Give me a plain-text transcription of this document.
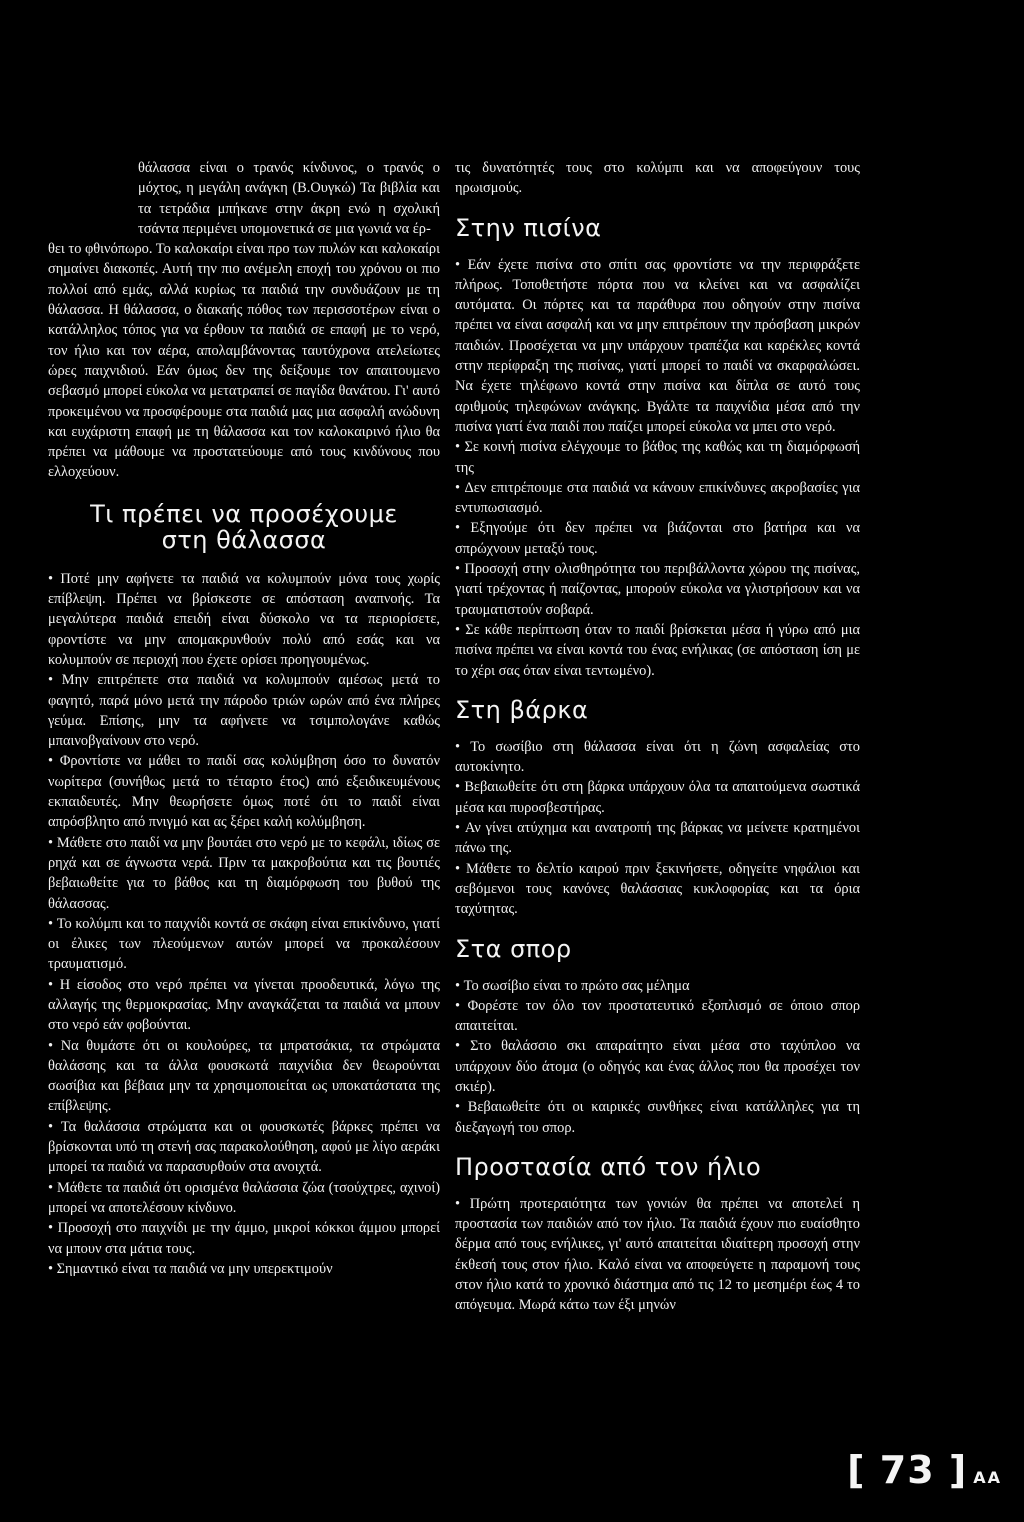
θάλασσα είναι ο τρανός κίνδυνος, ο τρανός ο μόχτος, η μεγάλη ανάγκη (Β.Ουγκώ) Τα βιβλία και τα τετράδια μπήκανε στην άκρη ενώ η σχολική τσάντα περιμένει υπομονετικά σε μια γωνιά να έρ-

θει το φθινόπωρο. Το καλοκαίρι είναι προ των πυλών και καλοκαίρι σημαίνει διακοπές. Αυτή την πιο ανέμελη εποχή του χρόνου οι πιο πολλοί από εμάς, αλλά κυρίως τα παιδιά την συνδυάζουν με τη θάλασσα. Η θάλασσα, ο διακαής πόθος των περισσοτέρων είναι ο κατάλληλος τόπος για να έρθουν τα παιδιά σε επαφή με το νερό, τον ήλιο και τον αέρα, απολαμβάνοντας ταυτόχρονα ατελείωτες ώρες παιχνιδιού. Εάν όμως δεν της δείξουμε τον απαιτουμενο σεβασμό μπορεί εύκολα να μετατραπεί σε παγίδα θανάτου. Γι' αυτό προκειμένου να προσφέρουμε στα παιδιά μας μια ασφαλή ανώδυνη και ευχάριστη επαφή με τη θάλασσα και τον καλοκαιρινό ήλιο θα πρέπει να μάθουμε να προστατεύουμε από τους κινδύνους που ελλοχεύουν.

Τι πρέπει να προσέχουμε
στη θάλασσα

• Ποτέ μην αφήνετε τα παιδιά να κολυμπούν μόνα τους χωρίς επίβλεψη. Πρέπει να βρίσκεστε σε απόσταση αναπνοής. Τα μεγαλύτερα παιδιά επειδή είναι δύσκολο να τα περιορίσετε, φροντίστε να μην απομακρυνθούν πολύ από εσάς και να κολυμπούν σε περιοχή που έχετε ορίσει προηγουμένως.

• Μην επιτρέπετε στα παιδιά να κολυμπούν αμέσως μετά το φαγητό, παρά μόνο μετά την πάροδο τριών ωρών από ένα πλήρες γεύμα. Επίσης, μην τα αφήνετε να τσιμπολογάνε καθώς μπαινοβγαίνουν στο νερό.

• Φροντίστε να μάθει το παιδί σας κολύμβηση όσο το δυνατόν νωρίτερα (συνήθως μετά το τέταρτο έτος) από εξειδικευμένους εκπαιδευτές. Μην θεωρήσετε όμως ποτέ ότι το παιδί είναι απρόσβλητο από πνιγμό και ας ξέρει καλή κολύμβηση.

• Μάθετε στο παιδί να μην βουτάει στο νερό με το κεφάλι, ιδίως σε ρηχά και σε άγνωστα νερά. Πριν τα μακροβούτια και τις βουτιές βεβαιωθείτε για το βάθος και τη διαμόρφωση του βυθού της θάλασσας.

• Το κολύμπι και το παιχνίδι κοντά σε σκάφη είναι επικίνδυνο, γιατί οι έλικες των πλεούμενων αυτών μπορεί να προκαλέσουν τραυματισμό.

• Η είσοδος στο νερό πρέπει να γίνεται προοδευτικά, λόγω της αλλαγής της θερμοκρασίας. Μην αναγκάζεται τα παιδιά να μπουν στο νερό εάν φοβούνται.

• Να θυμάστε ότι οι κουλούρες, τα μπρατσάκια, τα στρώματα θαλάσσης και τα άλλα φουσκωτά παιχνίδια δεν θεωρούνται σωσίβια και βέβαια μην τα χρησιμοποιείται ως υποκατάστατα της επίβλεψης.

• Τα θαλάσσια στρώματα και οι φουσκωτές βάρκες πρέπει να βρίσκονται υπό τη στενή σας παρακολούθηση, αφού με λίγο αεράκι μπορεί τα παιδιά να παρασυρθούν στα ανοιχτά.

• Μάθετε τα παιδιά ότι ορισμένα θαλάσσια ζώα (τσούχτρες, αχινοί) μπορεί να αποτελέσουν κίνδυνο.

• Προσοχή στο παιχνίδι με την άμμο, μικροί κόκκοι άμμου μπορεί να μπουν στα μάτια τους.

• Σημαντικό είναι τα παιδιά να μην υπερεκτιμούν

τις δυνατότητές τους στο κολύμπι και να αποφεύγουν τους ηρωισμούς.

Στην πισίνα

• Εάν έχετε πισίνα στο σπίτι σας φροντίστε να την περιφράξετε πλήρως. Τοποθετήστε πόρτα που να κλείνει και να ασφαλίζει αυτόματα. Οι πόρτες και τα παράθυρα που οδηγούν στην πισίνα πρέπει να είναι ασφαλή και να μην επιτρέπουν την πρόσβαση μικρών παιδιών. Προσέχεται να μην υπάρχουν τραπέζια και καρέκλες κοντά στην περίφραξη της πισίνας, γιατί μπορεί το παιδί να σκαρφαλώσει. Να έχετε τηλέφωνο κοντά στην πισίνα και δίπλα σε αυτό τους αριθμούς τηλεφώνων ανάγκης. Βγάλτε τα παιχνίδια μέσα από την πισίνα γιατί ένα παιδί που παίζει μπορεί εύκολα να μπει στο νερό.

• Σε κοινή πισίνα ελέγχουμε το βάθος της καθώς και τη διαμόρφωσή της

• Δεν επιτρέπουμε στα παιδιά να κάνουν επικίνδυνες ακροβασίες για εντυπωσιασμό.

• Εξηγούμε ότι δεν πρέπει να βιάζονται στο βατήρα και να σπρώχνουν μεταξύ τους.

• Προσοχή στην ολισθηρότητα του περιβάλλοντα χώρου της πισίνας, γιατί τρέχοντας ή παίζοντας, μπορούν εύκολα να γλιστρήσουν και να τραυματιστούν σοβαρά.

• Σε κάθε περίπτωση όταν το παιδί βρίσκεται μέσα ή γύρω από μια πισίνα πρέπει να είναι κοντά του ένας ενήλικας (σε απόσταση ίση με το χέρι σας όταν είναι τεντωμένο).

Στη βάρκα

• Το σωσίβιο στη θάλασσα είναι ότι η ζώνη ασφαλείας στο αυτοκίνητο.

• Βεβαιωθείτε ότι στη βάρκα υπάρχουν όλα τα απαιτούμενα σωστικά μέσα και πυροσβεστήρας.

• Αν γίνει ατύχημα και ανατροπή της βάρκας να μείνετε κρατημένοι πάνω της.

• Μάθετε το δελτίο καιρού πριν ξεκινήσετε, οδηγείτε νηφάλιοι και σεβόμενοι τους κανόνες θαλάσσιας κυκλοφορίας και τα όρια ταχύτητας.

Στα σπορ

• Το σωσίβιο είναι το πρώτο σας μέλημα

• Φορέστε τον όλο τον προστατευτικό εξοπλισμό σε όποιο σπορ απαιτείται.

• Στο θαλάσσιο σκι απαραίτητο είναι μέσα στο ταχύπλοο να υπάρχουν δύο άτομα (ο οδηγός και ένας άλλος που θα προσέχει τον σκιέρ).

• Βεβαιωθείτε ότι οι καιρικές συνθήκες είναι κατάλληλες για τη διεξαγωγή του σπορ.

Προστασία από τον ήλιο

• Πρώτη προτεραιότητα των γονιών θα πρέπει να αποτελεί η προστασία των παιδιών από τον ήλιο. Τα παιδιά έχουν πιο ευαίσθητο δέρμα από τους ενήλικες, γι' αυτό απαιτείται ιδιαίτερη προσοχή στην έκθεσή τους στον ήλιο. Καλό είναι να αποφεύγετε η παραμονή τους στον ήλιο κατά το χρονικό διάστημα από τις 12 το μεσημέρι έως 4 το απόγευμα. Μωρά κάτω των έξι μηνών

[ 73 ] AA
